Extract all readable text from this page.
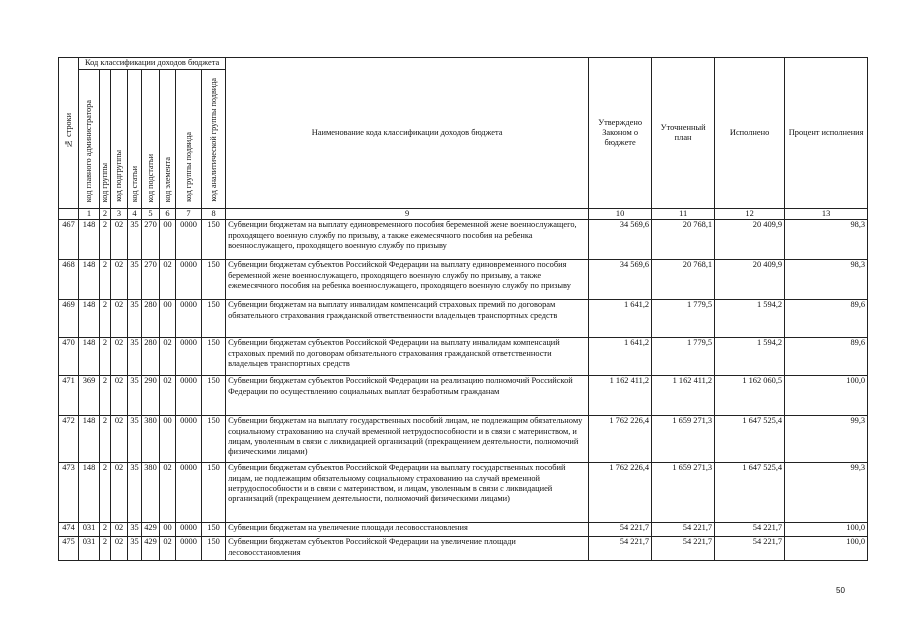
№ строки	Код классификации доходов бюджета								Наименование кода классификации доходов бюджета	Утверждено Законом о бюджете	Уточненный план	Исполнено	Процент исполнения

	код главного администратора	код группы	код подгруппы	код статьи	код подстатьи	код элемента	код группы подвида	код аналитической группы подвида					

	1	2	3	4	5	6	7	8	9	10	11	12	13
467	148	2	02	35	270	00	0000	150	Субвенции бюджетам на выплату единовременного пособия беременной жене военнослужащего, проходящего военную службу по призыву, а также ежемесячного пособия на ребенка военнослужащего, проходящего военную службу по призыву	34 569,6	20 768,1	20 409,9	98,3
468	148	2	02	35	270	02	0000	150	Субвенции бюджетам субъектов Российской Федерации на выплату единовременного пособия беременной жене военнослужащего, проходящего военную службу по призыву, а также ежемесячного пособия на ребенка военнослужащего, проходящего военную службу по призыву	34 569,6	20 768,1	20 409,9	98,3
469	148	2	02	35	280	00	0000	150	Субвенции бюджетам на выплату инвалидам компенсаций страховых премий по договорам обязательного страхования гражданской ответственности владельцев транспортных средств	1 641,2	1 779,5	1 594,2	89,6
470	148	2	02	35	280	02	0000	150	Субвенции бюджетам субъектов Российской Федерации на выплату инвалидам компенсаций страховых премий по договорам обязательного страхования гражданской ответственности владельцев транспортных средств	1 641,2	1 779,5	1 594,2	89,6
471	369	2	02	35	290	02	0000	150	Субвенции бюджетам субъектов Российской Федерации на реализацию полномочий Российской Федерации по осуществлению социальных выплат безработным гражданам	1 162 411,2	1 162 411,2	1 162 060,5	100,0
472	148	2	02	35	380	00	0000	150	Субвенции бюджетам на выплату государственных пособий лицам, не подлежащим обязательному социальному страхованию на случай временной нетрудоспособности и в связи с материнством, и лицам, уволенным в связи с ликвидацией организаций (прекращением деятельности, полномочий физическими лицами)	1 762 226,4	1 659 271,3	1 647 525,4	99,3
473	148	2	02	35	380	02	0000	150	Субвенции бюджетам субъектов Российской Федерации на выплату государственных пособий лицам, не подлежащим обязательному социальному страхованию на случай временной нетрудоспособности и в связи с материнством, и лицам, уволенным в связи с ликвидацией организаций (прекращением деятельности, полномочий физическими лицами)	1 762 226,4	1 659 271,3	1 647 525,4	99,3
474	031	2	02	35	429	00	0000	150	Субвенции бюджетам на увеличение площади лесовосстановления	54 221,7	54 221,7	54 221,7	100,0
475	031	2	02	35	429	02	0000	150	Субвенции бюджетам субъектов Российской Федерации на увеличение площади лесовосстановления	54 221,7	54 221,7	54 221,7	100,0
50
